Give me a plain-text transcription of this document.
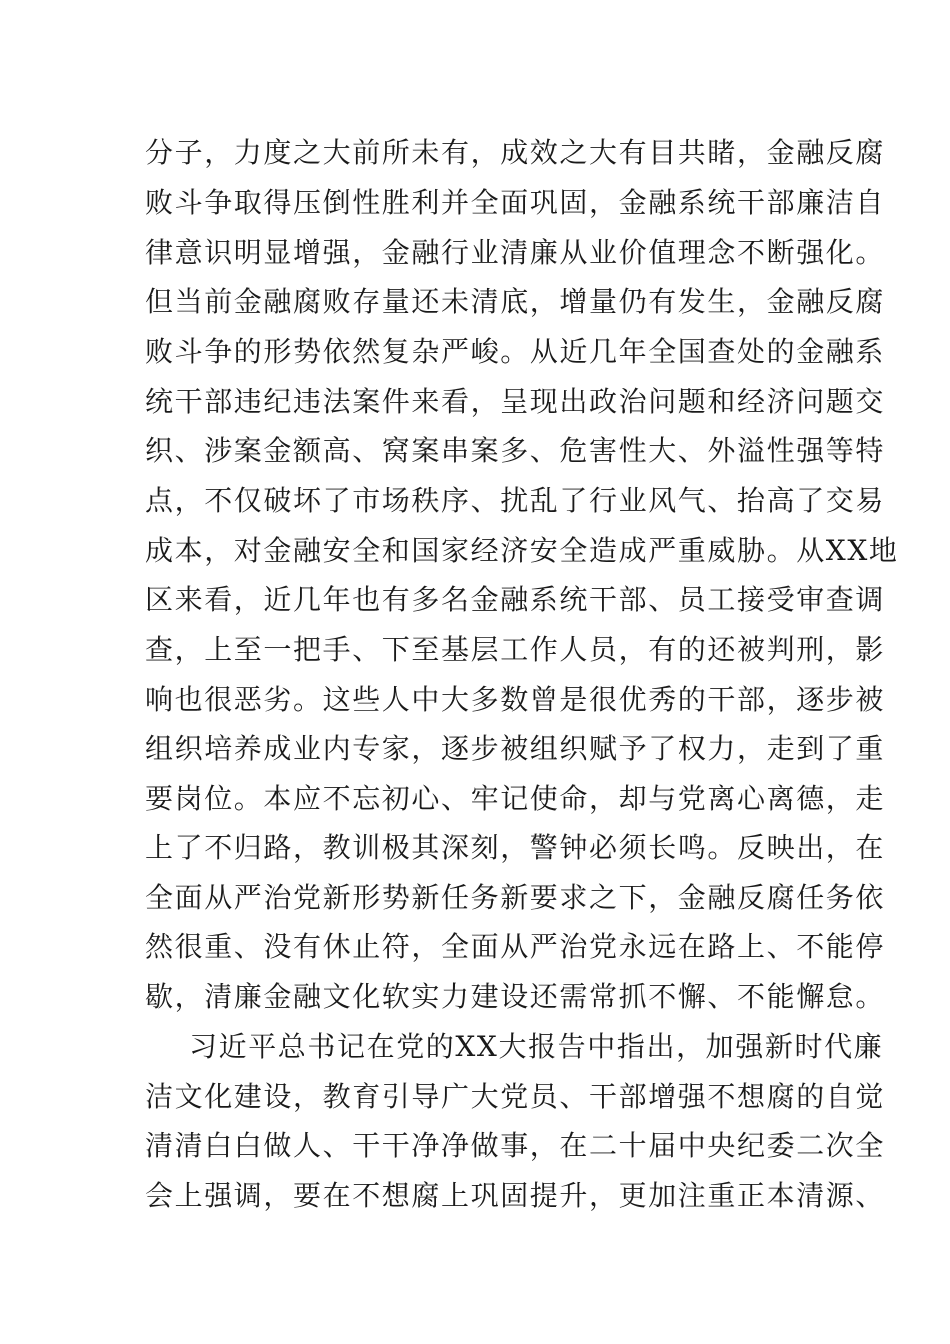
分子，力度之大前所未有，成效之大有目共睹，金融反腐

败斗争取得压倒性胜利并全面巩固，金融系统干部廉洁自

律意识明显增强，金融行业清廉从业价值理念不断强化。

但当前金融腐败存量还未清底，增量仍有发生，金融反腐

败斗争的形势依然复杂严峻。从近几年全国查处的金融系

统干部违纪违法案件来看，呈现出政治问题和经济问题交

织、涉案金额高、窝案串案多、危害性大、外溢性强等特

点，不仅破坏了市场秩序、扰乱了行业风气、抬高了交易

成本，对金融安全和国家经济安全造成严重威胁。从XX地

区来看，近几年也有多名金融系统干部、员工接受审查调

查，上至一把手、下至基层工作人员，有的还被判刑，影

响也很恶劣。这些人中大多数曾是很优秀的干部，逐步被

组织培养成业内专家，逐步被组织赋予了权力，走到了重

要岗位。本应不忘初心、牢记使命，却与党离心离德，走

上了不归路，教训极其深刻，警钟必须长鸣。反映出，在

全面从严治党新形势新任务新要求之下，金融反腐任务依

然很重、没有休止符，全面从严治党永远在路上、不能停

歇，清廉金融文化软实力建设还需常抓不懈、不能懈怠。

习近平总书记在党的XX大报告中指出，加强新时代廉

洁文化建设，教育引导广大党员、干部增强不想腐的自觉

清清白白做人、干干净净做事，在二十届中央纪委二次全

会上强调，要在不想腐上巩固提升，更加注重正本清源、
